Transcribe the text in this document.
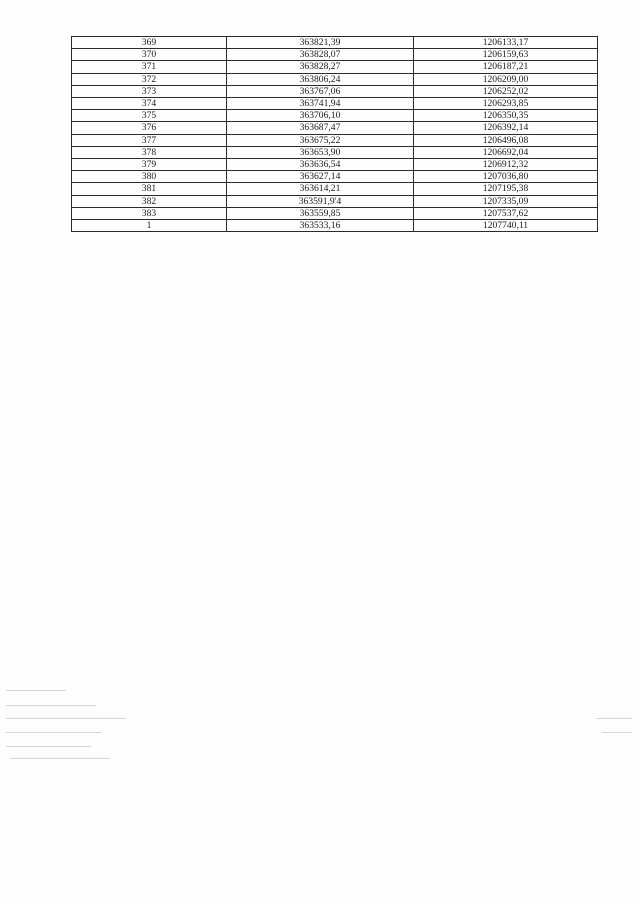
369	363821,39	1206133,17
370	363828,07	1206159,63
371	363828,27	1206187,21
372	363806,24	1206209,00
373	363767,06	1206252,02
374	363741,94	1206293,85
375	363706,10	1206350,35
376	363687,47	1206392,14
377	363675,22	1206496,08
378	363653,90	1206692,04
379	363636,54	1206912,32
380	363627,14	1207036,80
381	363614,21	1207195,38
382	363591,9'4	1207335,09
383	363559,85	1207537,62
1	363533,16	1207740,11
